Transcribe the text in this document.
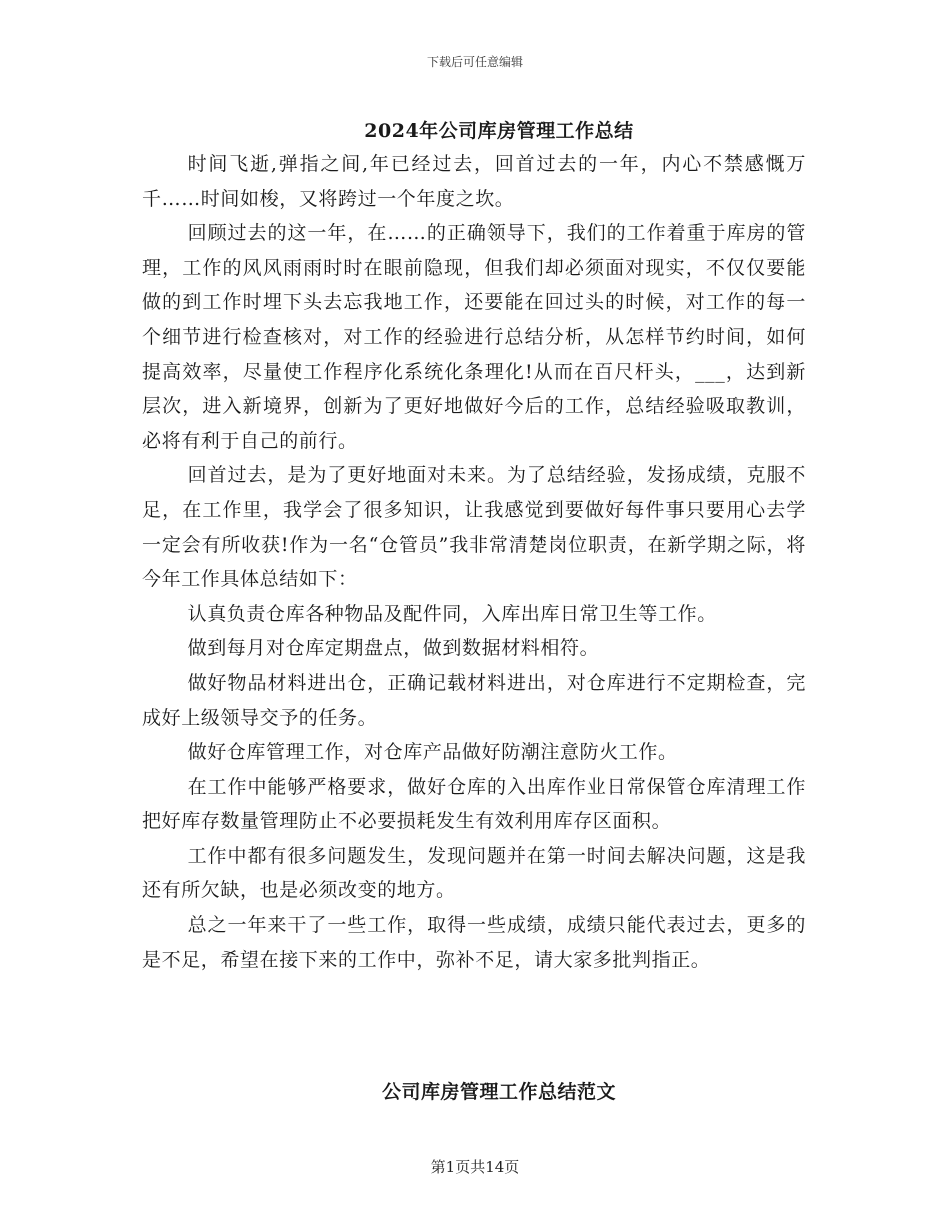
下载后可任意编辑
2024年公司库房管理工作总结

时间飞逝,弹指之间,年已经过去，回首过去的一年，内心不禁感慨万千……时间如梭，又将跨过一个年度之坎。

回顾过去的这一年，在……的正确领导下，我们的工作着重于库房的管理，工作的风风雨雨时时在眼前隐现，但我们却必须面对现实，不仅仅要能做的到工作时埋下头去忘我地工作，还要能在回过头的时候，对工作的每一个细节进行检查核对，对工作的经验进行总结分析，从怎样节约时间，如何提高效率，尽量使工作程序化系统化条理化!从而在百尺杆头，___，达到新层次，进入新境界，创新为了更好地做好今后的工作，总结经验吸取教训，必将有利于自己的前行。

回首过去，是为了更好地面对未来。为了总结经验，发扬成绩，克服不足，在工作里，我学会了很多知识，让我感觉到要做好每件事只要用心去学一定会有所收获!作为一名“仓管员”我非常清楚岗位职责，在新学期之际，将今年工作具体总结如下：

认真负责仓库各种物品及配件同，入库出库日常卫生等工作。

做到每月对仓库定期盘点，做到数据材料相符。

做好物品材料进出仓，正确记载材料进出，对仓库进行不定期检查，完成好上级领导交予的任务。

做好仓库管理工作，对仓库产品做好防潮注意防火工作。

在工作中能够严格要求，做好仓库的入出库作业日常保管仓库清理工作把好库存数量管理防止不必要损耗发生有效利用库存区面积。

工作中都有很多问题发生，发现问题并在第一时间去解决问题，这是我还有所欠缺，也是必须改变的地方。

总之一年来干了一些工作，取得一些成绩，成绩只能代表过去，更多的是不足，希望在接下来的工作中，弥补不足，请大家多批判指正。

公司库房管理工作总结范文
第1页共14页
